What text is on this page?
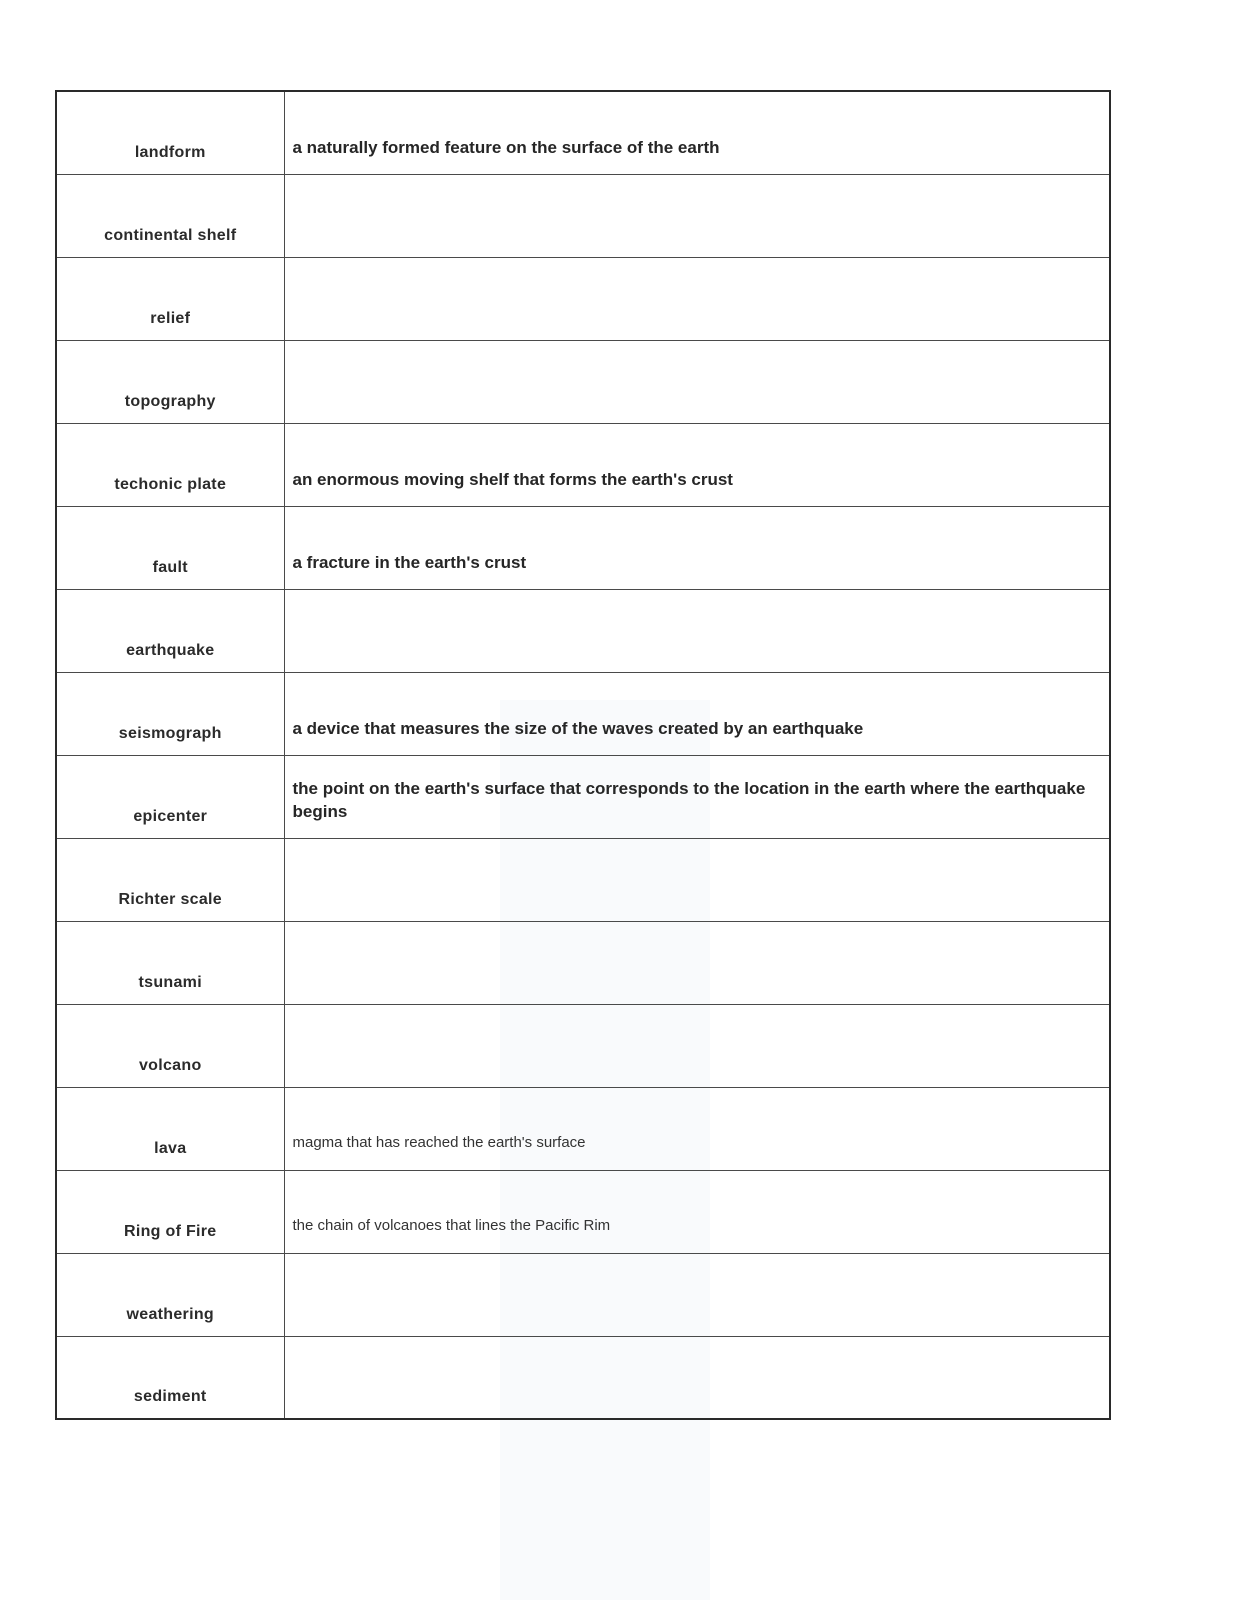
landform	a naturally formed feature on the surface of the earth
continental shelf	
relief	
topography	
techonic plate	an enormous moving shelf that forms the earth's crust
fault	a fracture in the earth's crust
earthquake	
seismograph	a device that measures the size of the waves created by an earthquake
epicenter	the point on the earth's surface that corresponds to the location in the earth where the earthquake begins
Richter scale	
tsunami	
volcano	
lava	magma that has reached the earth's surface
Ring of Fire	the chain of volcanoes that lines the Pacific Rim
weathering	
sediment	
